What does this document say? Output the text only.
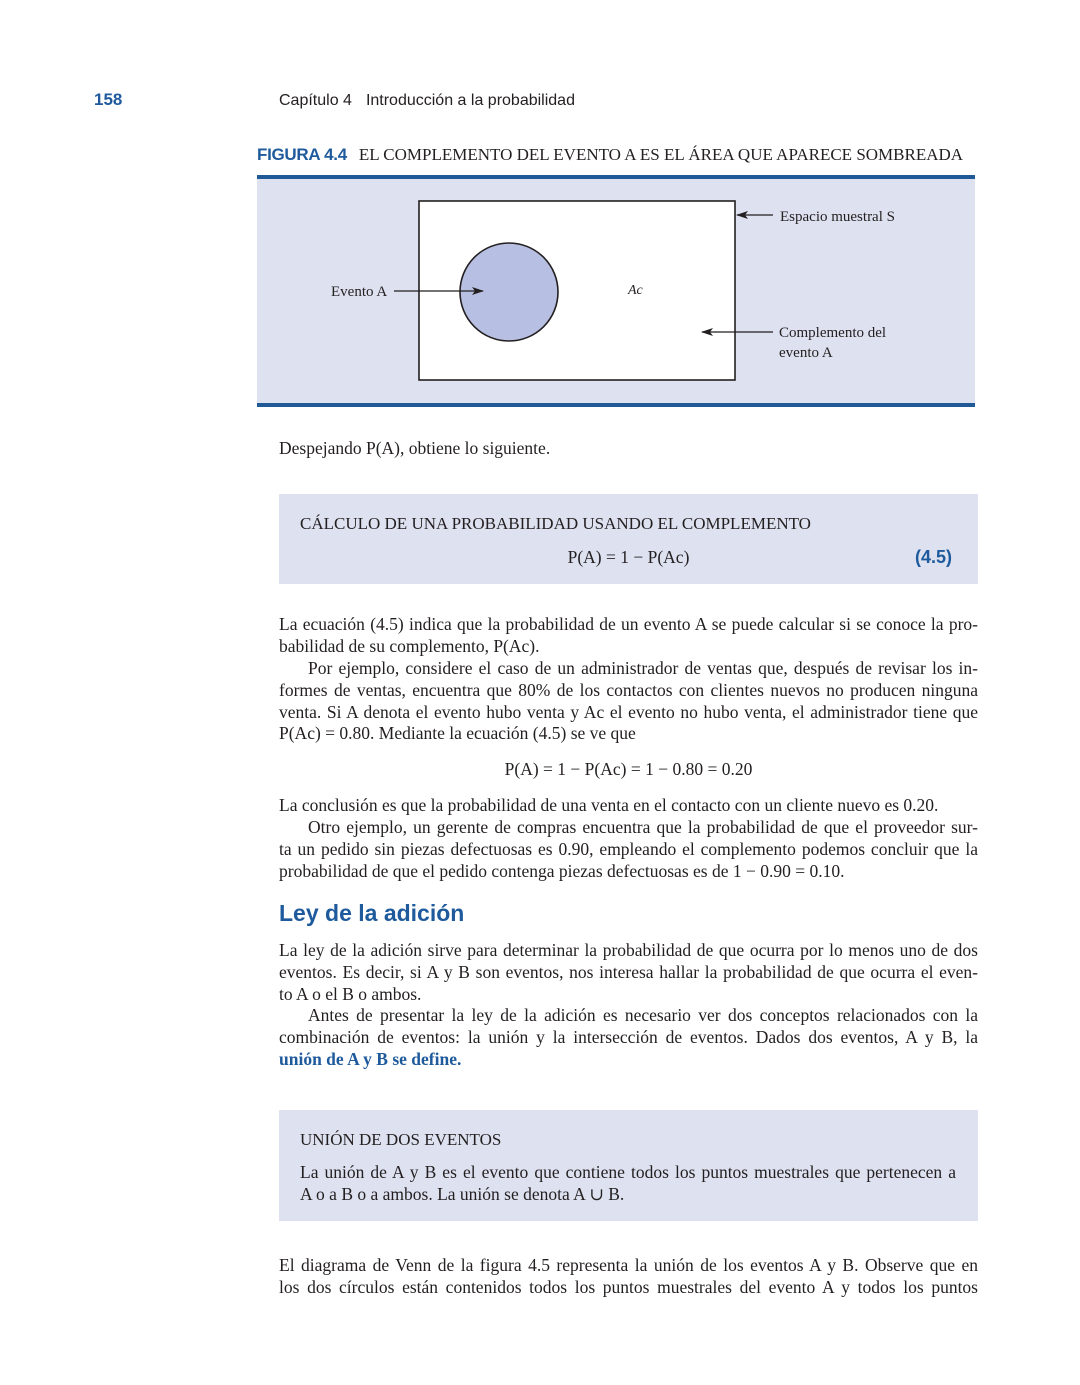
158	Capítulo 4 Introducción a la probabilidad
FIGURA 4.4 EL COMPLEMENTO DEL EVENTO A ES EL ÁREA QUE APARECE SOMBREADA
Espacio muestral S
Evento A	Ac
Complemento del
evento A
Despejando P(A), obtiene lo siguiente.
CÁLCULO DE UNA PROBABILIDAD USANDO EL COMPLEMENTO
P(A) = 1 − P(Ac)	(4.5)
La ecuación (4.5) indica que la probabilidad de un evento A se puede calcular si se conoce la pro-
babilidad de su complemento, P(Ac).
Por ejemplo, considere el caso de un administrador de ventas que, después de revisar los in-
formes de ventas, encuentra que 80% de los contactos con clientes nuevos no producen ninguna
venta. Si A denota el evento hubo venta y Ac el evento no hubo venta, el administrador tiene que
P(Ac) = 0.80. Mediante la ecuación (4.5) se ve que
P(A) = 1 − P(Ac) = 1 − 0.80 = 0.20
La conclusión es que la probabilidad de una venta en el contacto con un cliente nuevo es 0.20.
Otro ejemplo, un gerente de compras encuentra que la probabilidad de que el proveedor sur-
ta un pedido sin piezas defectuosas es 0.90, empleando el complemento podemos concluir que la
probabilidad de que el pedido contenga piezas defectuosas es de 1 − 0.90 = 0.10.
Ley de la adición
La ley de la adición sirve para determinar la probabilidad de que ocurra por lo menos uno de dos
eventos. Es decir, si A y B son eventos, nos interesa hallar la probabilidad de que ocurra el even-
to A o el B o ambos.
Antes de presentar la ley de la adición es necesario ver dos conceptos relacionados con la
combinación de eventos: la unión y la intersección de eventos. Dados dos eventos, A y B, la
unión de A y B se define.
UNIÓN DE DOS EVENTOS
La unión de A y B es el evento que contiene todos los puntos muestrales que pertenecen a
A o a B o a ambos. La unión se denota A ∪ B.
El diagrama de Venn de la figura 4.5 representa la unión de los eventos A y B. Observe que en
los dos círculos están contenidos todos los puntos muestrales del evento A y todos los puntos
